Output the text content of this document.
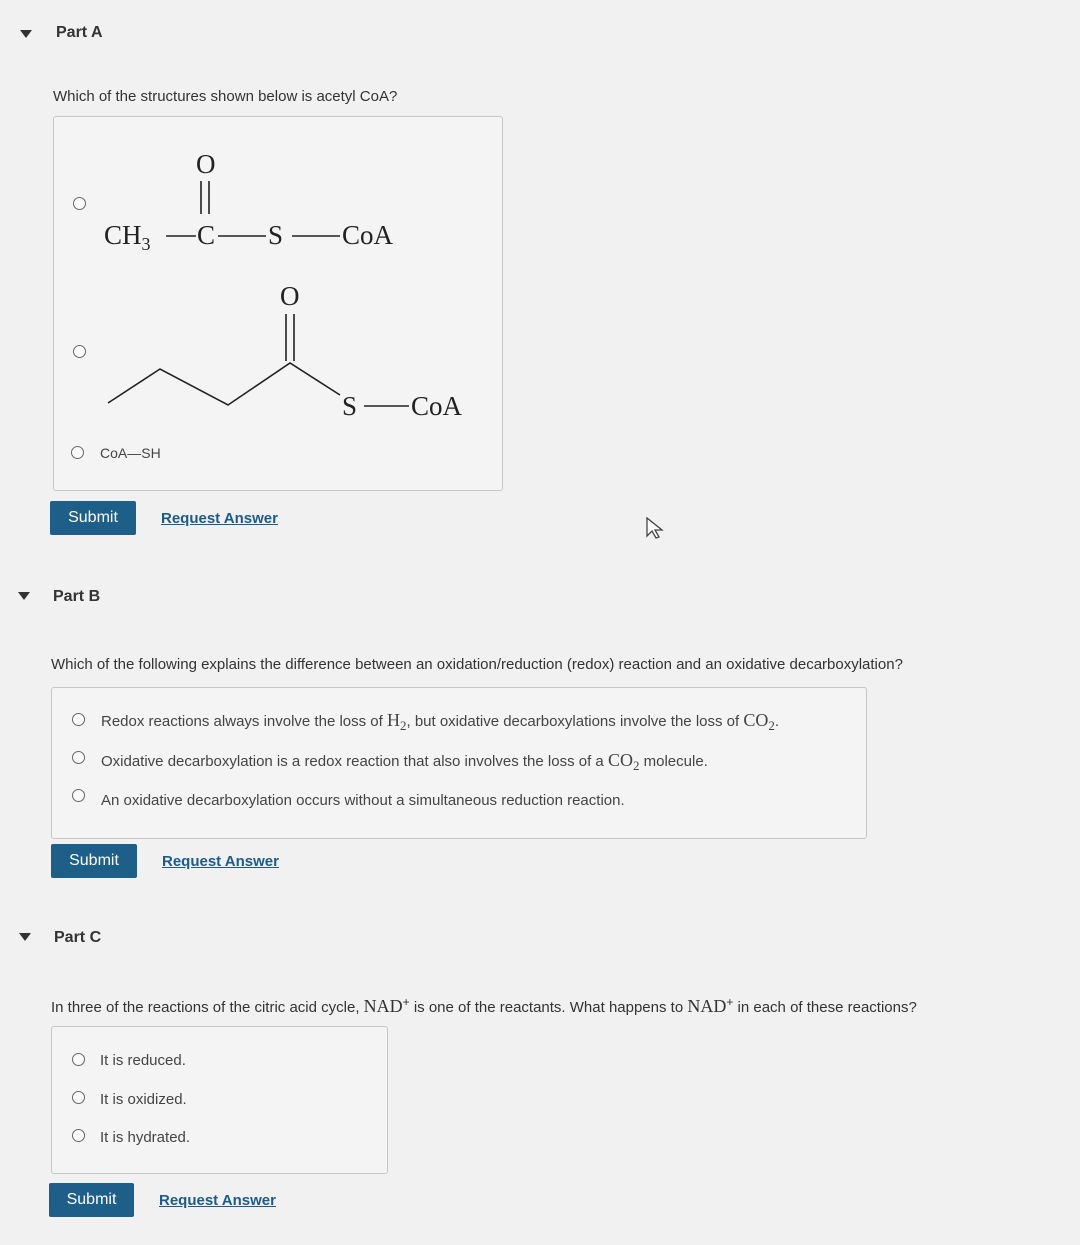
Part A
Which of the structures shown below is acetyl CoA?
O
$CH_3$ C S CoA
O
S CoA
CoA—SH
Submit	Request Answer
Part B
Which of the following explains the difference between an oxidation/reduction (redox) reaction and an oxidative decarboxylation?
Redox reactions always involve the loss of $H_2$, but oxidative decarboxylations involve the loss of $CO_2$.
Oxidative decarboxylation is a redox reaction that also involves the loss of a $CO_2$ molecule.
An oxidative decarboxylation occurs without a simultaneous reduction reaction.
Submit	Request Answer
Part C
In three of the reactions of the citric acid cycle, NAD+ is one of the reactants. What happens to NAD+ in each of these reactions?
It is reduced.
It is oxidized.
It is hydrated.
Submit	Request Answer
